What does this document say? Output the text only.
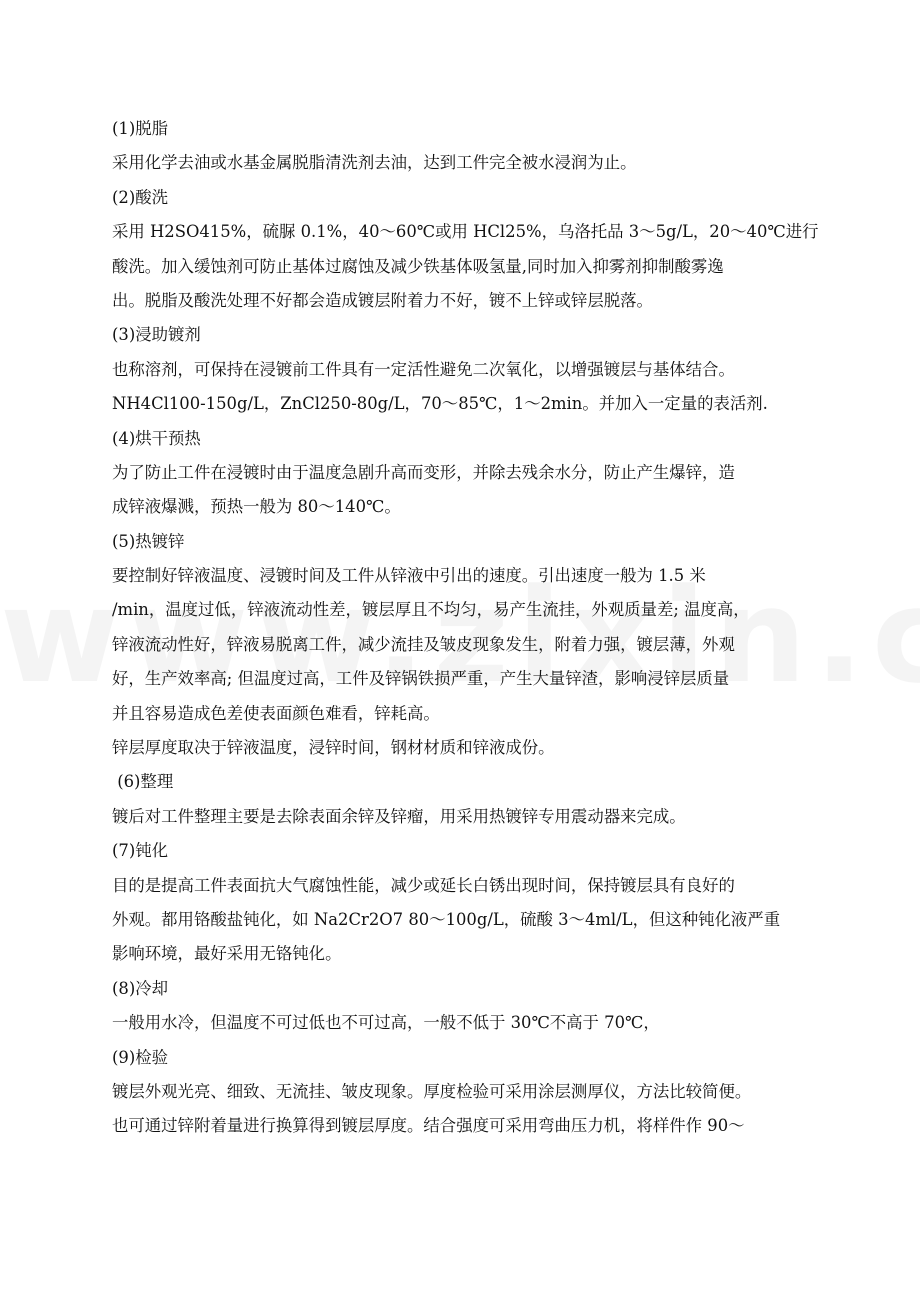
(1)脱脂
采用化学去油或水基金属脱脂清洗剂去油，达到工件完全被水浸润为止。
(2)酸洗
采用 H2SO415%，硫脲 0.1%，40～60℃或用 HCl25%，乌洛托品 3～5g/L，20～40℃进行
酸洗。加入缓蚀剂可防止基体过腐蚀及减少铁基体吸氢量,同时加入抑雾剂抑制酸雾逸
出。脱脂及酸洗处理不好都会造成镀层附着力不好，镀不上锌或锌层脱落。
(3)浸助镀剂
也称溶剂，可保持在浸镀前工件具有一定活性避免二次氧化，以增强镀层与基体结合。
NH4Cl100-150g/L，ZnCl250-80g/L，70～85℃，1～2min。并加入一定量的表活剂.
(4)烘干预热
为了防止工件在浸镀时由于温度急剧升高而变形，并除去残余水分，防止产生爆锌，造
成锌液爆溅，预热一般为 80～140℃。
(5)热镀锌
要控制好锌液温度、浸镀时间及工件从锌液中引出的速度。引出速度一般为 1.5 米
/min，温度过低，锌液流动性差，镀层厚且不均匀，易产生流挂，外观质量差; 温度高，
锌液流动性好，锌液易脱离工件，减少流挂及皱皮现象发生，附着力强，镀层薄，外观
好，生产效率高; 但温度过高，工件及锌锅铁损严重，产生大量锌渣，影响浸锌层质量
并且容易造成色差使表面颜色难看，锌耗高。
锌层厚度取决于锌液温度，浸锌时间，钢材材质和锌液成份。
(6)整理
镀后对工件整理主要是去除表面余锌及锌瘤，用采用热镀锌专用震动器来完成。
(7)钝化
目的是提高工件表面抗大气腐蚀性能，减少或延长白锈出现时间，保持镀层具有良好的
外观。都用铬酸盐钝化，如 Na2Cr2O7 80～100g/L，硫酸 3～4ml/L，但这种钝化液严重
影响环境，最好采用无铬钝化。
(8)冷却
一般用水冷，但温度不可过低也不可过高，一般不低于 30℃不高于 70℃，
(9)检验
镀层外观光亮、细致、无流挂、皱皮现象。厚度检验可采用涂层测厚仪，方法比较简便。
也可通过锌附着量进行换算得到镀层厚度。结合强度可采用弯曲压力机，将样件作 90～
